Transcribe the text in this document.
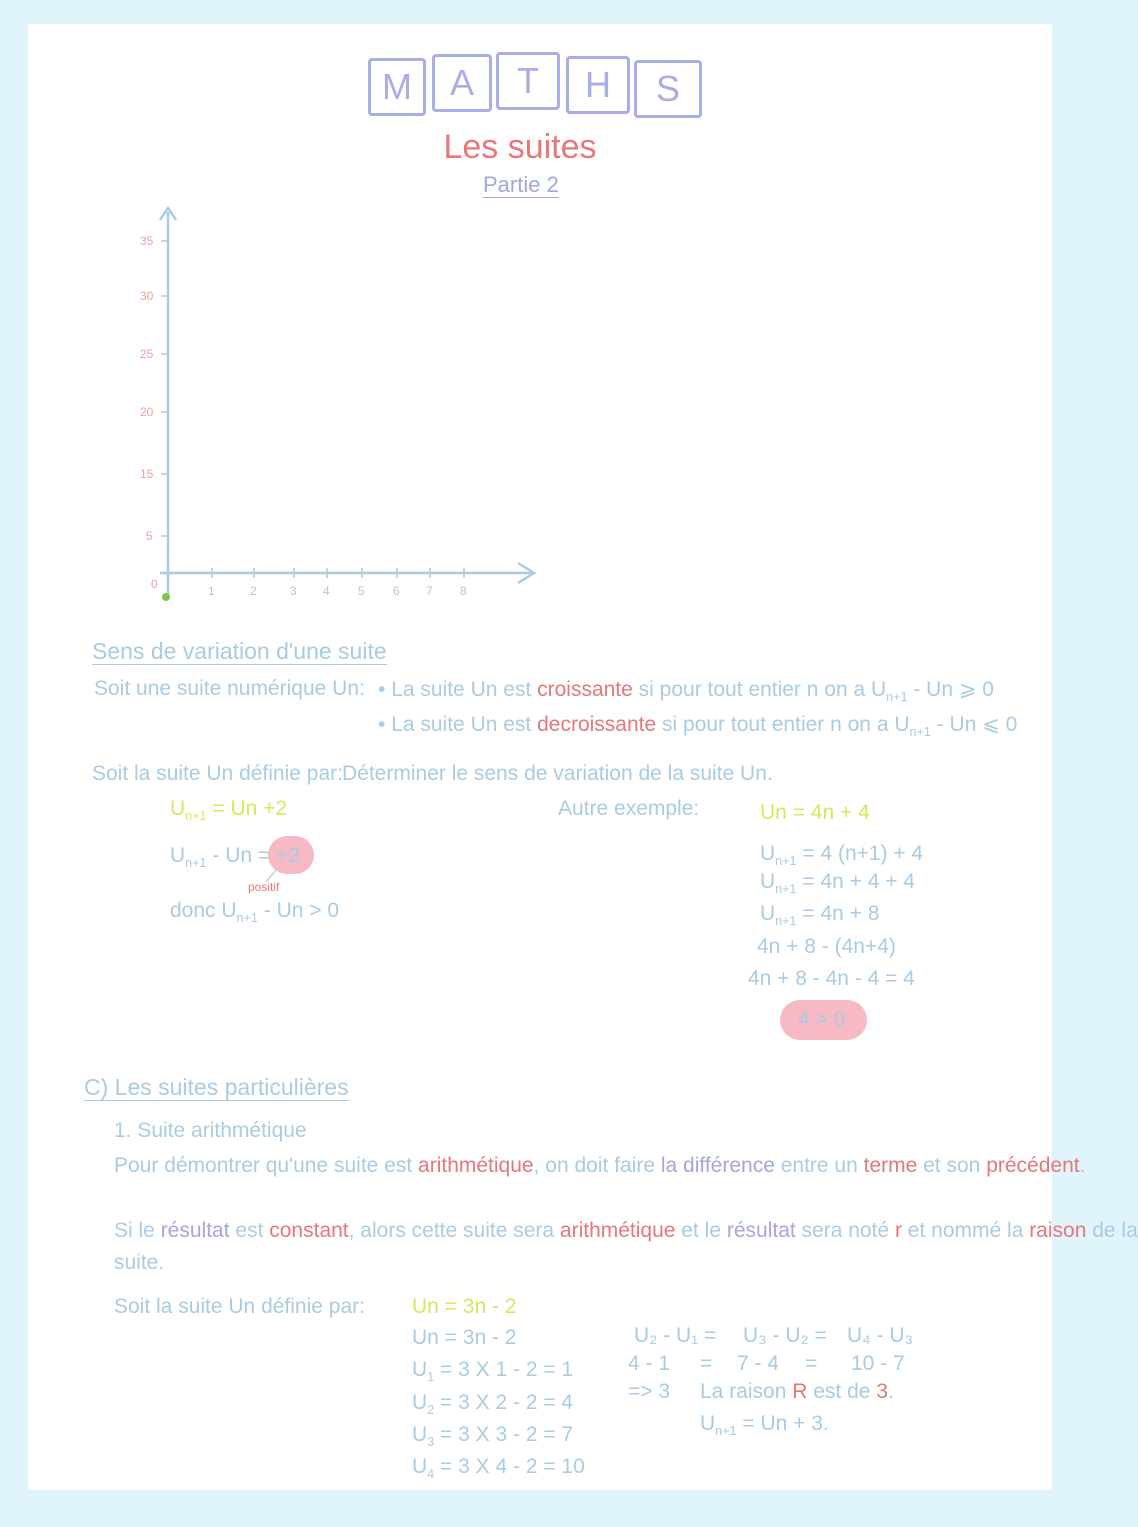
M	A	T	H	S
Les suites
Partie 2
35
30
25
20
15
5
0	1	2	3 4 5 6 7 8
Sens de variation d'une suite
Soit une suite numérique Un: • La suite Un est croissante si pour tout entier n on a $U_{n+1}$ - Un ⩾ 0
• La suite Un est decroissante si pour tout entier n on a $U_{n+1}$ - Un ⩽ 0
Soit la suite Un définie par: Déterminer le sens de variation de la suite Un.
$U_{n+1} = Un +2$
$U_{n+1} - Un = +2$
positif
donc $U_{n+1} - Un > 0$
Autre exemple:	Un = 4n + 4
$U_{n+1} = 4$ (n+1) + 4
$U_{n+1} = 4n + 4 + 4$
$U_{n+1} = 4n + 8$
4n + 8 - (4n+4)
4n + 8 - 4n - 4 = 4
4 > 0
C) Les suites particulières
1. Suite arithmétique
Pour démontrer qu'une suite est arithmétique, on doit faire la différence entre un terme et son précédent.
Si le résultat est constant, alors cette suite sera arithmétique et le résultat sera noté r et nommé la raison de la
suite.
Soit la suite Un définie par: Un = 3n - 2
Un = 3n - 2
$U_1 = 3$ X 1 - 2 = 1
$U_2 = 3$ X 2 - 2 = 4
$U_3 = 3$ X 3 - 2 = 7
$U_4 = 3$ X 4 - 2 = 10
U₂ - U₁ = U₃ - U₂ = U₄ - U₃
4 - 1 = 7 - 4 = 10 - 7
=> 3 La raison R est de 3.
$U_{n+1} = Un + 3$.
